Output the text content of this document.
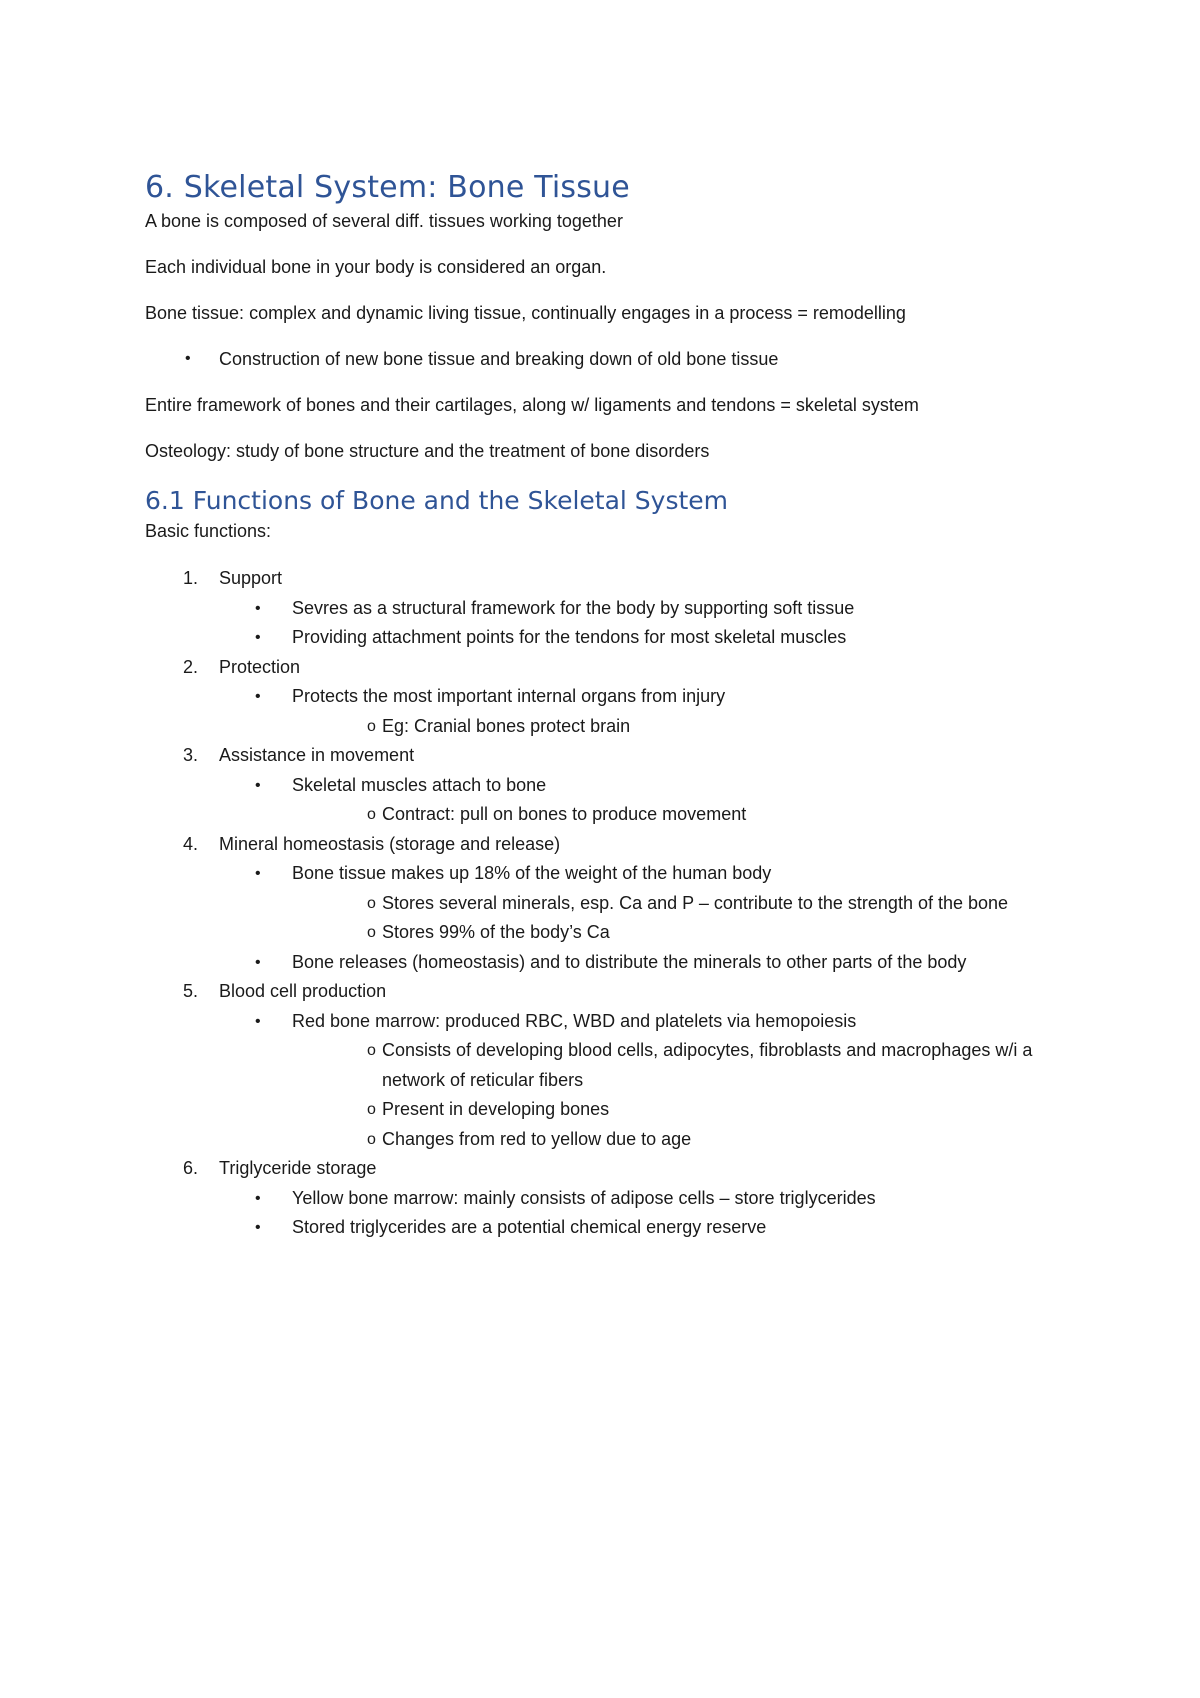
6. Skeletal System: Bone Tissue

A bone is composed of several diff. tissues working together

Each individual bone in your body is considered an organ.

Bone tissue: complex and dynamic living tissue, continually engages in a process = remodelling

• Construction of new bone tissue and breaking down of old bone tissue

Entire framework of bones and their cartilages, along w/ ligaments and tendons = skeletal system

Osteology: study of bone structure and the treatment of bone disorders

6.1 Functions of Bone and the Skeletal System

Basic functions:

1.	Support
• Sevres as a structural framework for the body by supporting soft tissue
• Providing attachment points for the tendons for most skeletal muscles
2.	Protection
• Protects the most important internal organs from injury
o Eg: Cranial bones protect brain
3.	Assistance in movement
• Skeletal muscles attach to bone
o Contract: pull on bones to produce movement
4.	Mineral homeostasis (storage and release)
• Bone tissue makes up 18% of the weight of the human body
o Stores several minerals, esp. Ca and P – contribute to the strength of the bone
o Stores 99% of the body’s Ca
• Bone releases (homeostasis) and to distribute the minerals to other parts of the body
5.	Blood cell production
• Red bone marrow: produced RBC, WBD and platelets via hemopoiesis
o Consists of developing blood cells, adipocytes, fibroblasts and macrophages w/i a network of reticular fibers
o Present in developing bones
o Changes from red to yellow due to age
6.	Triglyceride storage
• Yellow bone marrow: mainly consists of adipose cells – store triglycerides
• Stored triglycerides are a potential chemical energy reserve
